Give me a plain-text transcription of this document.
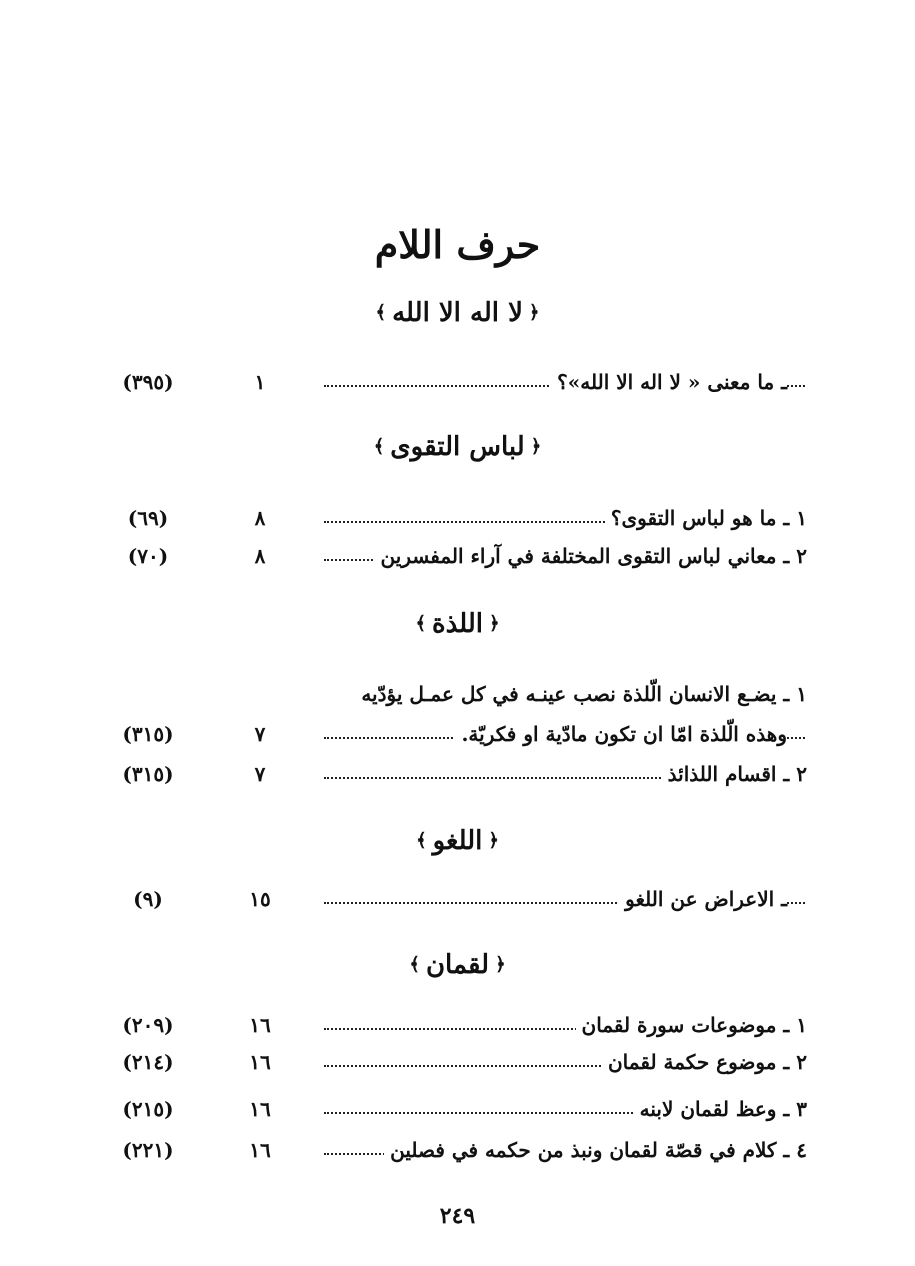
حرف اللام
﴿لا اله الا الله﴾
ـ ما معنى « لا اله الا الله»؟
١
(٣٩٥)
﴿لباس التقوى﴾
١ ـ ما هو لباس التقوى؟
٨
(٦٩)
٢ ـ معاني لباس التقوى المختلفة في آراء المفسرين
٨
(٧٠)
﴿اللذة﴾
١ ـ يضـع الانسان الّلذة نصب عينـه في كل عمـل يؤدّيه
وهذه الّلذة امّا ان تكون مادّية او فكريّة.
٧
(٣١٥)
٢ ـ اقسام اللذائذ
٧
(٣١٥)
﴿اللغو﴾
ـ الاعراض عن اللغو
١٥
(٩)
﴿لقمان﴾
١ ـ موضوعات سورة لقمان
١٦
(٢٠٩)
٢ ـ موضوع حكمة لقمان
١٦
(٢١٤)
٣ ـ وعظ لقمان لابنه
١٦
(٢١٥)
٤ ـ كلام في قصّة لقمان ونبذ من حكمه في فصلين
١٦
(٢٢١)
٢٤٩
